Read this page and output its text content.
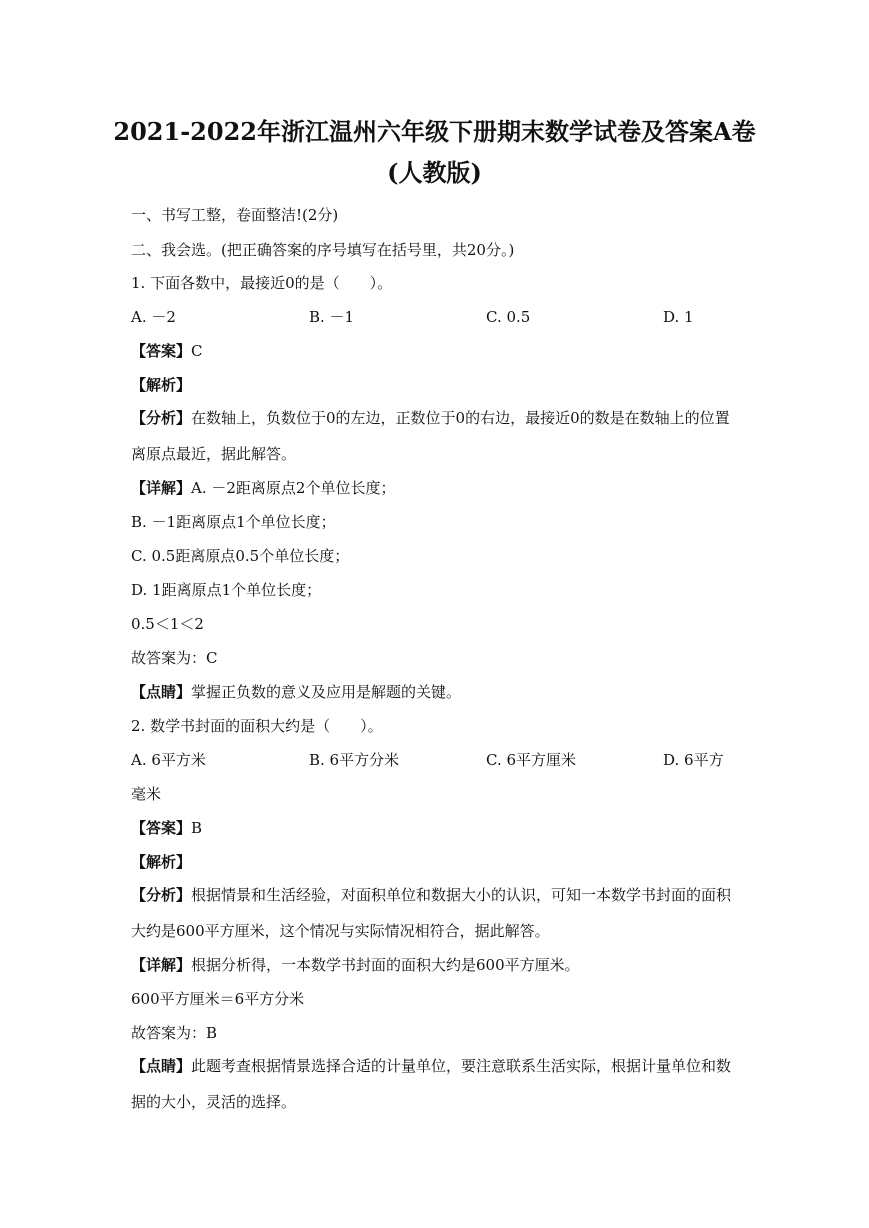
2021-2022年浙江温州六年级下册期末数学试卷及答案A卷
(人教版)
一、书写工整，卷面整洁!(2分)
二、我会选。(把正确答案的序号填写在括号里，共20分。)
1. 下面各数中，最接近0的是（　　）。
A. －2	B. －1	C. 0.5	D. 1
【答案】C
【解析】
【分析】在数轴上，负数位于0的左边，正数位于0的右边，最接近0的数是在数轴上的位置离原点最近，据此解答。
【详解】A. －2距离原点2个单位长度；
B. －1距离原点1个单位长度；
C. 0.5距离原点0.5个单位长度；
D. 1距离原点1个单位长度；
0.5＜1＜2
故答案为：C
【点睛】掌握正负数的意义及应用是解题的关键。
2. 数学书封面的面积大约是（　　）。
A. 6平方米	B. 6平方分米	C. 6平方厘米	D. 6平方
毫米
【答案】B
【解析】
【分析】根据情景和生活经验，对面积单位和数据大小的认识，可知一本数学书封面的面积大约是600平方厘米，这个情况与实际情况相符合，据此解答。
【详解】根据分析得，一本数学书封面的面积大约是600平方厘米。
600平方厘米＝6平方分米
故答案为：B
【点睛】此题考查根据情景选择合适的计量单位，要注意联系生活实际，根据计量单位和数据的大小，灵活的选择。
